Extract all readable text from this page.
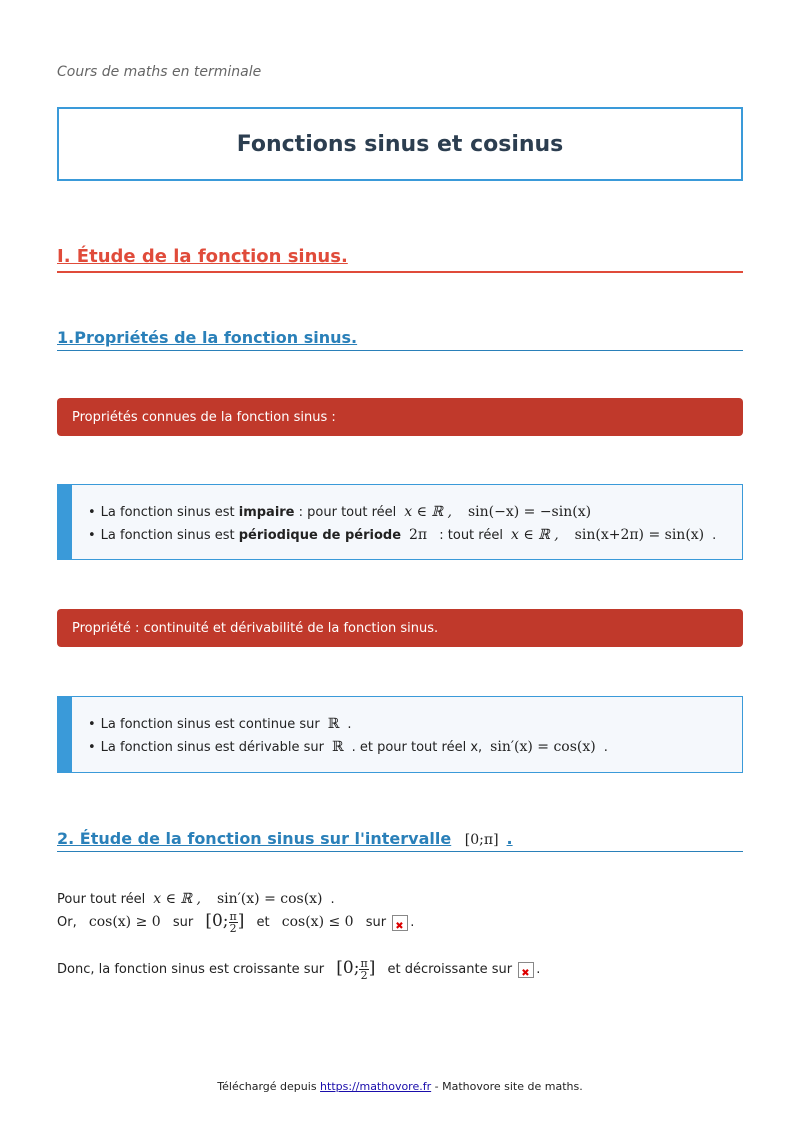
Cours de maths en terminale
Fonctions sinus et cosinus
I. Étude de la fonction sinus.
1.Propriétés de la fonction sinus.
Propriétés connues de la fonction sinus :
• La fonction sinus est impaire : pour tout réel x ∈ ℝ , sin(−x) = −sin(x)
• La fonction sinus est périodique de période 2π : tout réel x ∈ ℝ , sin(x+2π) = sin(x) .
Propriété : continuité et dérivabilité de la fonction sinus.
• La fonction sinus est continue sur ℝ .
• La fonction sinus est dérivable sur ℝ . et pour tout réel x, sin′(x) = cos(x) .
2. Étude de la fonction sinus sur l'intervalle [0;π] .
Pour tout réel x ∈ ℝ , sin′(x) = cos(x) .
Or, cos(x) ≥ 0 sur [0; $\frac{\pi}{2}$ ] et cos(x) ≤ 0 sur ✖ .
Donc, la fonction sinus est croissante sur [0; $\frac{\pi}{2}$ ] et décroissante sur ✖ .
Téléchargé depuis https://mathovore.fr - Mathovore site de maths.
